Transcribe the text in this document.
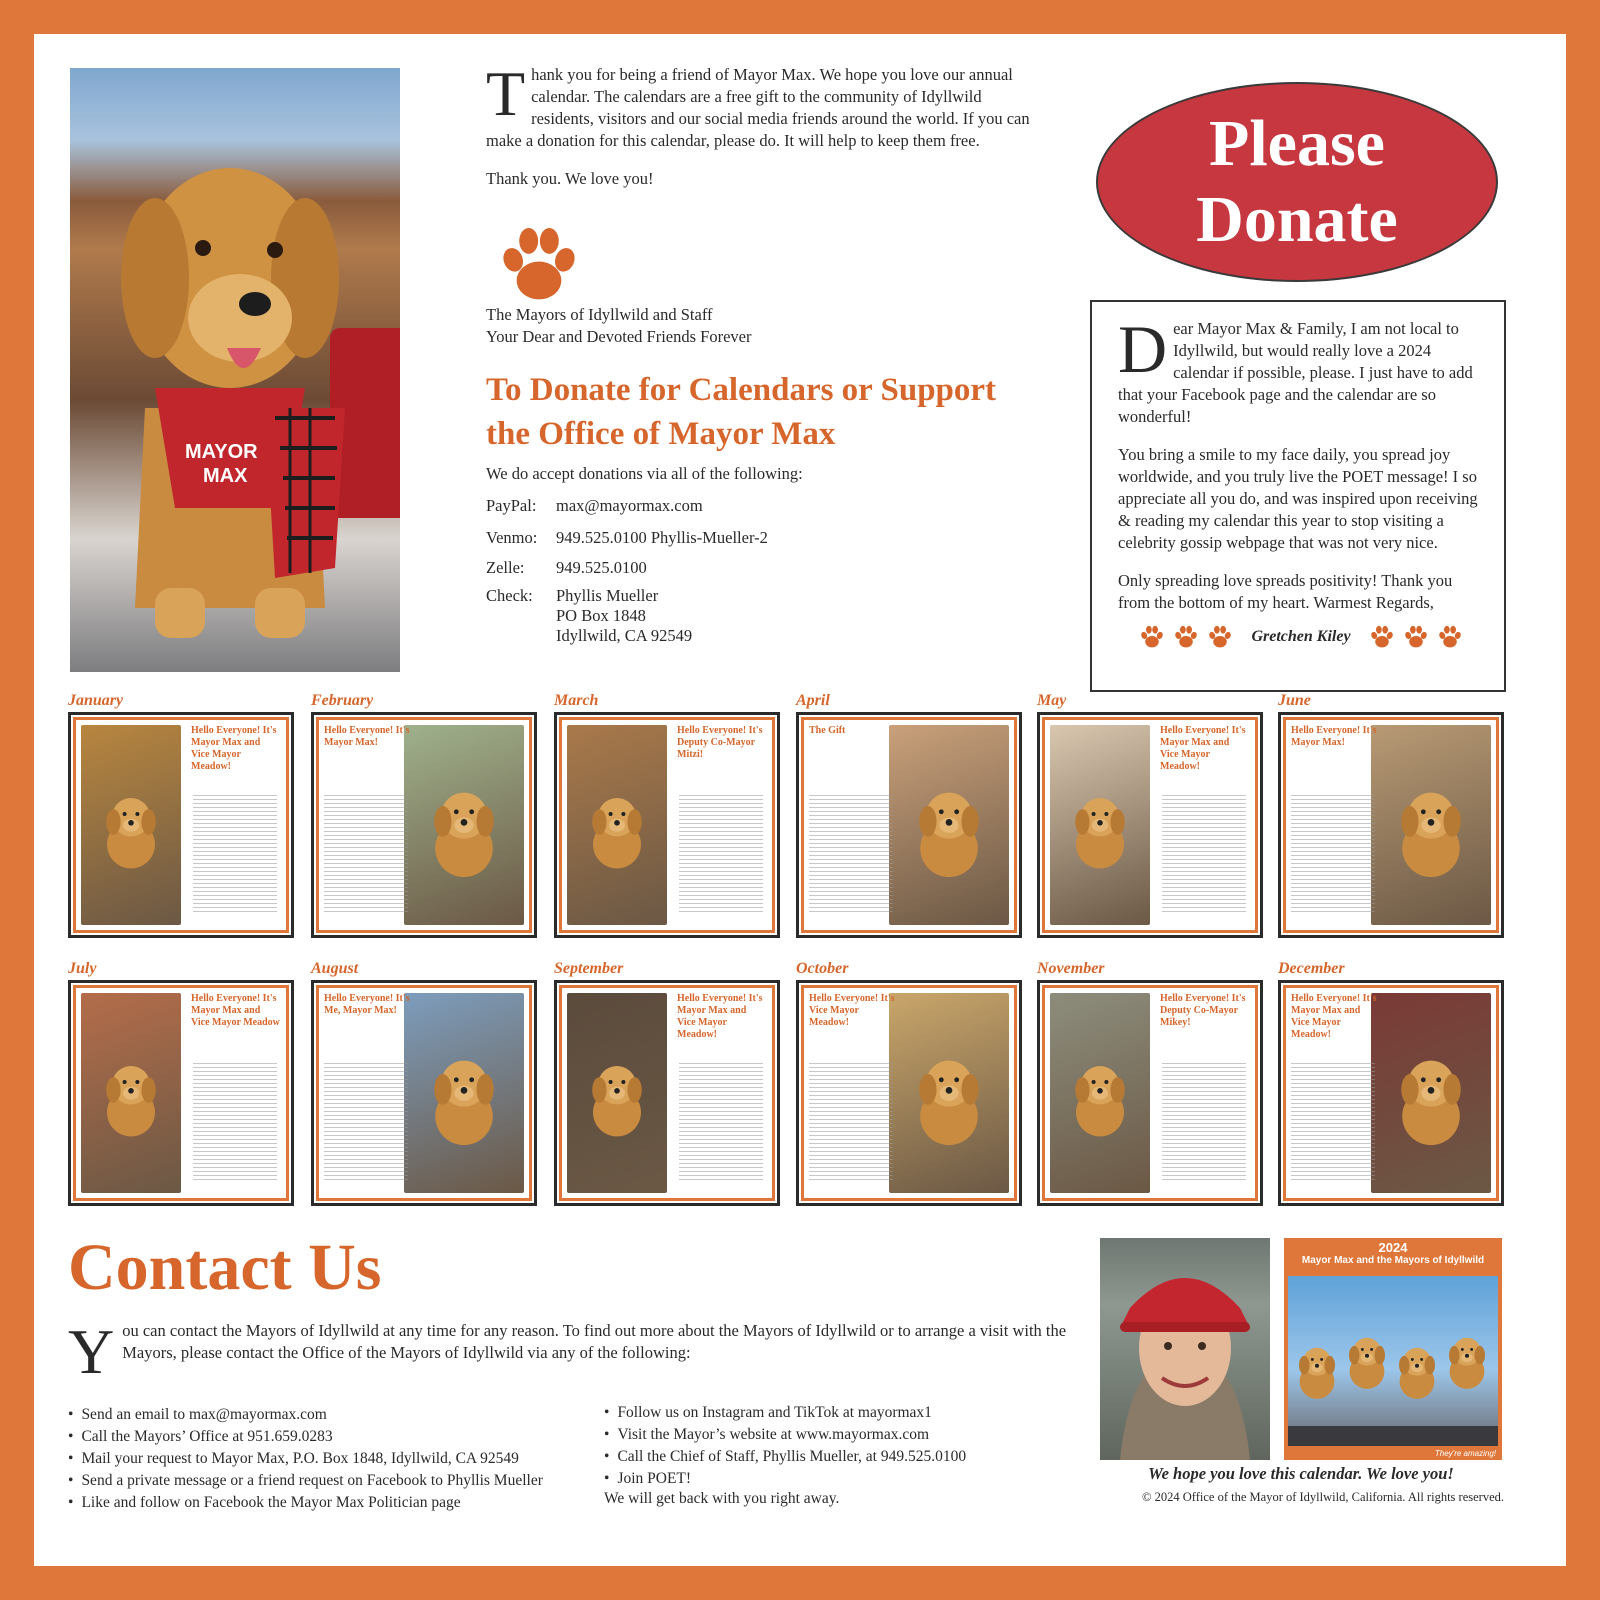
MAYOR
MAX

Thank you for being a friend of Mayor Max. We hope you love our annual calendar. The calendars are a free gift to the community of Idyllwild residents, visitors and our social media friends around the world. If you can make a donation for this calendar, please do. It will help to keep them free.

Thank you. We love you!

The Mayors of Idyllwild and Staff
Your Dear and Devoted Friends Forever
To Donate for Calendars or Support
the Office of Mayor Max
We do accept donations via all of the following:
PayPal:	max@mayormax.com
Venmo:	949.525.0100 Phyllis-Mueller-2
Zelle:	949.525.0100
Check:	Phyllis Mueller
PO Box 1848
Idyllwild, CA 92549
Please
Donate

Dear Mayor Max & Family, I am not local to Idyllwild, but would really love a 2024 calendar if possible, please. I just have to add that your Facebook page and the calendar are so wonderful!

You bring a smile to my face daily, you spread joy worldwide, and you truly live the POET message! I so appreciate all you do, and was inspired upon receiving & reading my calendar this year to stop visiting a celebrity gossip webpage that was not very nice.

Only spreading love spreads positivity! Thank you from the bottom of my heart. Warmest Regards,

Gretchen Kiley
January
Hello Everyone! It's Mayor Max and Vice Mayor Meadow!
February
Hello Everyone! It's Mayor Max!
March
Hello Everyone! It's Deputy Co-Mayor Mitzi!
April
The Gift
May
Hello Everyone! It's Mayor Max and Vice Mayor Meadow!
June
Hello Everyone! It's Mayor Max!
July
Hello Everyone! It's Mayor Max and Vice Mayor Meadow
August
Hello Everyone! It's Me, Mayor Max!
September
Hello Everyone! It's Mayor Max and Vice Mayor Meadow!
October
Hello Everyone! It's Vice Mayor Meadow!
November
Hello Everyone! It's Deputy Co-Mayor Mikey!
December
Hello Everyone! It's Mayor Max and Vice Mayor Meadow!
Contact Us
You can contact the Mayors of Idyllwild at any time for any reason. To find out more about the Mayors of Idyllwild or to arrange a visit with the Mayors, please contact the Office of the Mayors of Idyllwild via any of the following:
• Send an email to max@mayormax.com
• Call the Mayors’ Office at 951.659.0283
• Mail your request to Mayor Max, P.O. Box 1848, Idyllwild, CA 92549
• Send a private message or a friend request on Facebook to Phyllis Mueller
• Like and follow on Facebook the Mayor Max Politician page
• Follow us on Instagram and TikTok at mayormax1
• Visit the Mayor’s website at www.mayormax.com
• Call the Chief of Staff, Phyllis Mueller, at 949.525.0100
• Join POET!
We will get back with you right away.
2024
Mayor Max and the Mayors of Idyllwild
They're amazing!
We hope you love this calendar. We love you!
© 2024 Office of the Mayor of Idyllwild, California. All rights reserved.
